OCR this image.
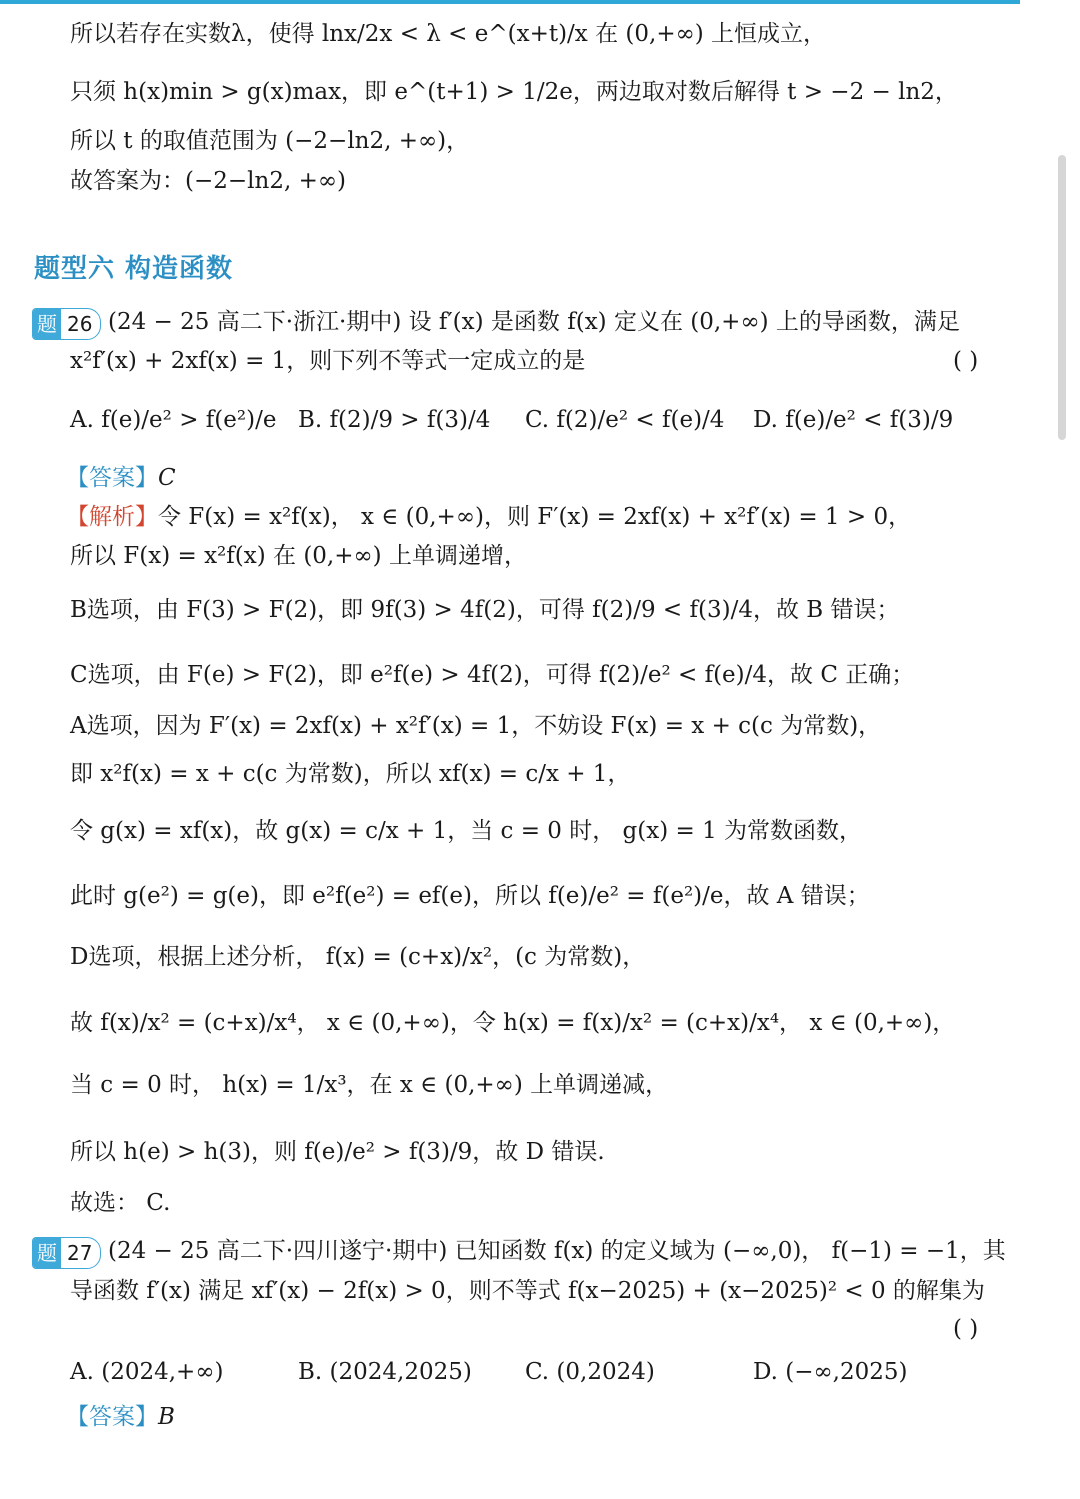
所以若存在实数λ，使得 lnx/2x < λ < e^(x+t)/x 在 (0,+∞) 上恒成立，
只须 h(x)min > g(x)max，即 e^(t+1) > 1/2e，两边取对数后解得 t > −2 − ln2，
所以 t 的取值范围为 (−2−ln2, +∞)，
故答案为：(−2−ln2, +∞)
题型六 构造函数
题 26 (24 − 25 高二下·浙江·期中) 设 f′(x) 是函数 f(x) 定义在 (0,+∞) 上的导函数，满足
x²f′(x) + 2xf(x) = 1，则下列不等式一定成立的是	( )
A. f(e)/e² > f(e²)/e B. f(2)/9 > f(3)/4 C. f(2)/e² < f(e)/4 D. f(e)/e² < f(3)/9
【答案】C
【解析】令 F(x) = x²f(x)， x ∈ (0,+∞)，则 F′(x) = 2xf(x) + x²f′(x) = 1 > 0，
所以 F(x) = x²f(x) 在 (0,+∞) 上单调递增，
B选项，由 F(3) > F(2)，即 9f(3) > 4f(2)，可得 f(2)/9 < f(3)/4，故 B 错误；
C选项，由 F(e) > F(2)，即 e²f(e) > 4f(2)，可得 f(2)/e² < f(e)/4，故 C 正确；
A选项，因为 F′(x) = 2xf(x) + x²f′(x) = 1，不妨设 F(x) = x + c(c 为常数)，
即 x²f(x) = x + c(c 为常数)，所以 xf(x) = c/x + 1，
令 g(x) = xf(x)，故 g(x) = c/x + 1，当 c = 0 时， g(x) = 1 为常数函数，
此时 g(e²) = g(e)，即 e²f(e²) = ef(e)，所以 f(e)/e² = f(e²)/e，故 A 错误；
D选项，根据上述分析， f(x) = (c+x)/x²，(c 为常数)，
故 f(x)/x² = (c+x)/x⁴， x ∈ (0,+∞)，令 h(x) = f(x)/x² = (c+x)/x⁴， x ∈ (0,+∞)，
当 c = 0 时， h(x) = 1/x³，在 x ∈ (0,+∞) 上单调递减，
所以 h(e) > h(3)，则 f(e)/e² > f(3)/9，故 D 错误.
故选： C.
题 27 (24 − 25 高二下·四川遂宁·期中) 已知函数 f(x) 的定义域为 (−∞,0)， f(−1) = −1，其
导函数 f′(x) 满足 xf′(x) − 2f(x) > 0，则不等式 f(x−2025) + (x−2025)² < 0 的解集为
( )
A. (2024,+∞)	B. (2024,2025) C. (0,2024)	D. (−∞,2025)
【答案】B
